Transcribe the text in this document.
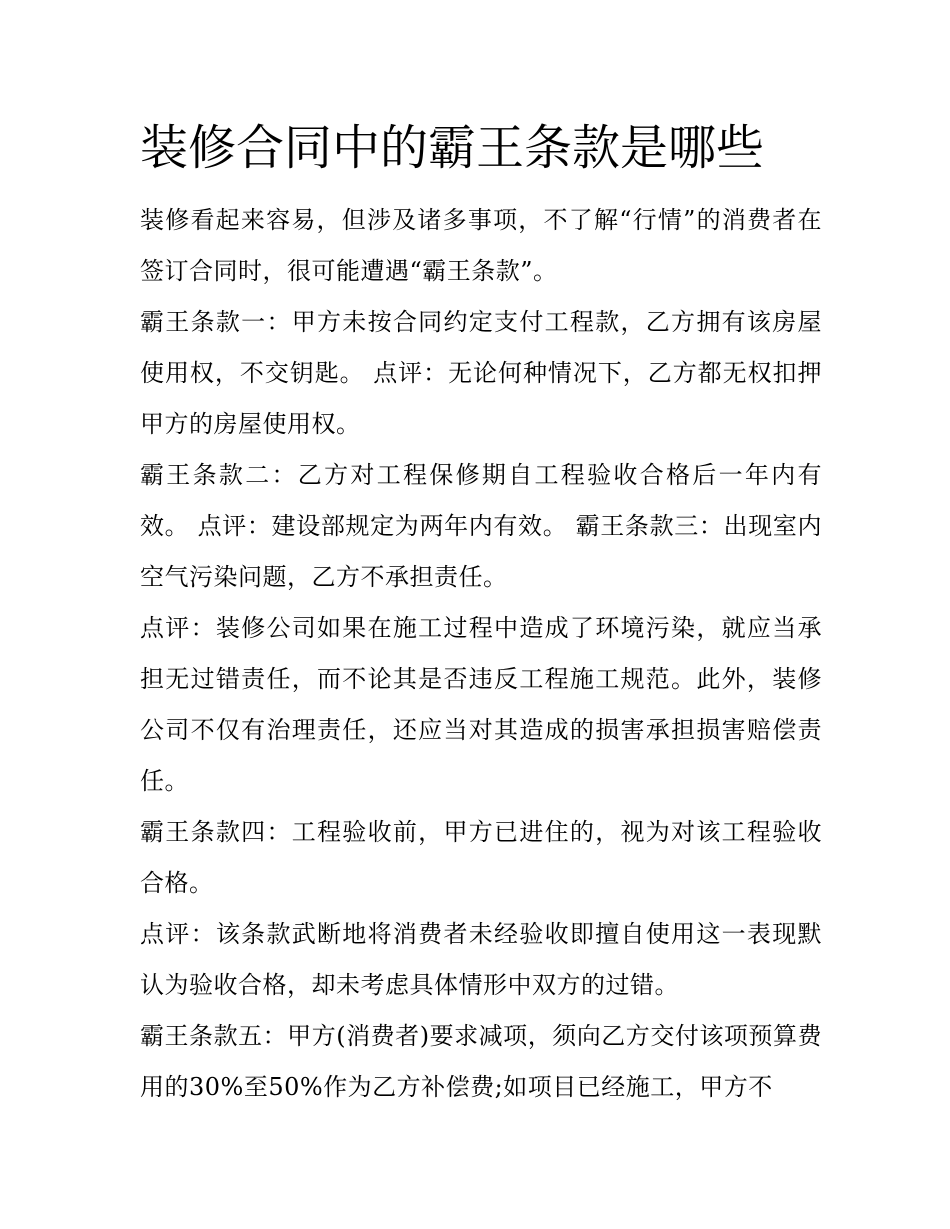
装修合同中的霸王条款是哪些

装修看起来容易，但涉及诸多事项，不了解“行情”的消费者在签订合同时，很可能遭遇“霸王条款”。

霸王条款一：甲方未按合同约定支付工程款，乙方拥有该房屋使用权，不交钥匙。 点评：无论何种情况下，乙方都无权扣押甲方的房屋使用权。

霸王条款二：乙方对工程保修期自工程验收合格后一年内有效。 点评：建设部规定为两年内有效。 霸王条款三：出现室内空气污染问题，乙方不承担责任。

点评：装修公司如果在施工过程中造成了环境污染，就应当承担无过错责任，而不论其是否违反工程施工规范。此外，装修公司不仅有治理责任，还应当对其造成的损害承担损害赔偿责任。

霸王条款四：工程验收前，甲方已进住的，视为对该工程验收合格。

点评：该条款武断地将消费者未经验收即擅自使用这一表现默认为验收合格，却未考虑具体情形中双方的过错。

霸王条款五：甲方(消费者)要求减项，须向乙方交付该项预算费用的30%至50%作为乙方补偿费;如项目已经施工，甲方不
